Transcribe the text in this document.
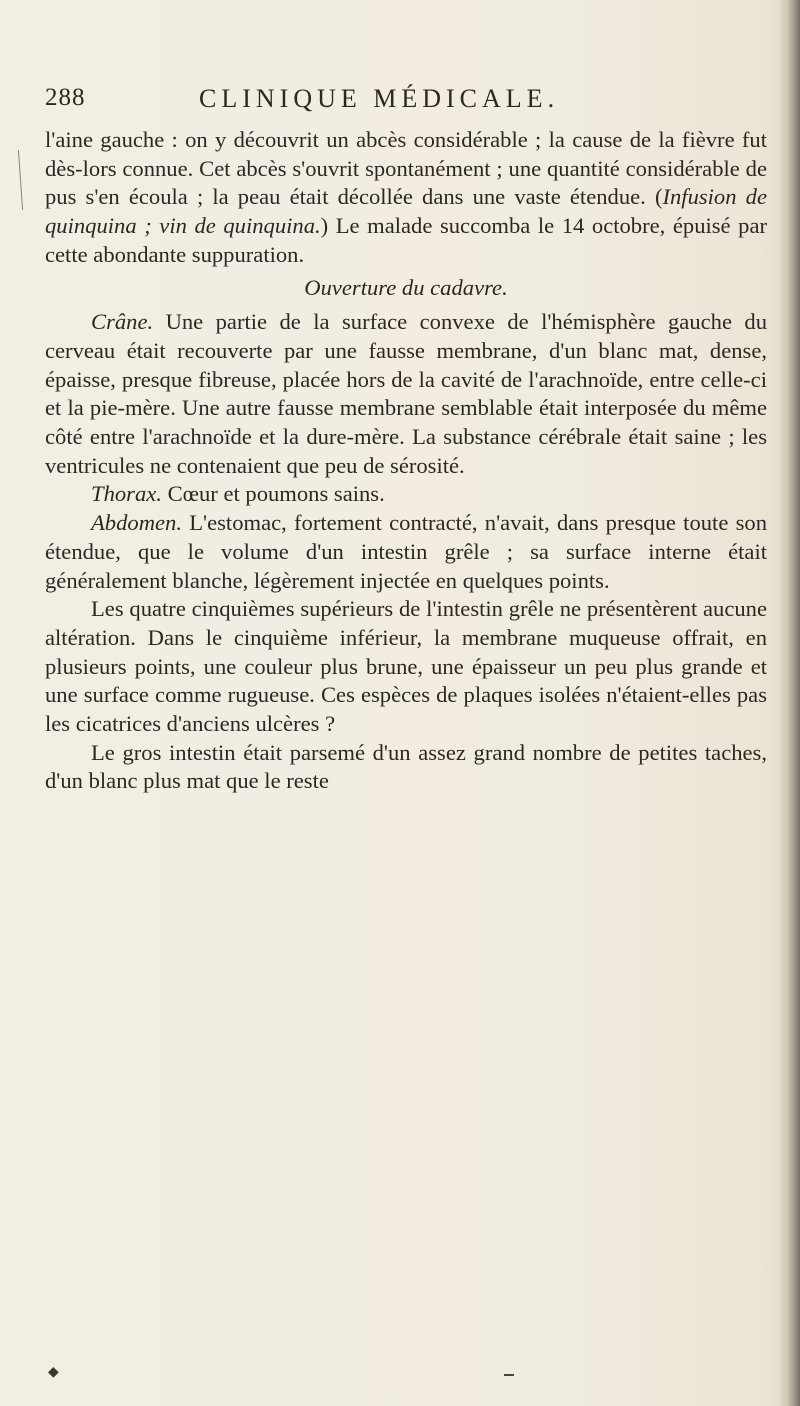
288	CLINIQUE MÉDICALE.

l'aine gauche : on y découvrit un abcès considérable ; la cause de la fièvre fut dès-lors connue. Cet abcès s'ouvrit spontanément ; une quantité considérable de pus s'en écoula ; la peau était décollée dans une vaste étendue. (Infusion de quinquina ; vin de quinquina.) Le malade succomba le 14 octobre, épuisé par cette abondante suppuration.

Ouverture du cadavre.

Crâne. Une partie de la surface convexe de l'hémisphère gauche du cerveau était recouverte par une fausse membrane, d'un blanc mat, dense, épaisse, presque fibreuse, placée hors de la cavité de l'arachnoïde, entre celle-ci et la pie-mère. Une autre fausse membrane semblable était interposée du même côté entre l'arachnoïde et la dure-mère. La substance cérébrale était saine ; les ventricules ne contenaient que peu de sérosité.

Thorax. Cœur et poumons sains.

Abdomen. L'estomac, fortement contracté, n'avait, dans presque toute son étendue, que le volume d'un intestin grêle ; sa surface interne était généralement blanche, légèrement injectée en quelques points.

Les quatre cinquièmes supérieurs de l'intestin grêle ne présentèrent aucune altération. Dans le cinquième inférieur, la membrane muqueuse offrait, en plusieurs points, une couleur plus brune, une épaisseur un peu plus grande et une surface comme rugueuse. Ces espèces de plaques isolées n'étaient-elles pas les cicatrices d'anciens ulcères ?

Le gros intestin était parsemé d'un assez grand nombre de petites taches, d'un blanc plus mat que le reste

◆
